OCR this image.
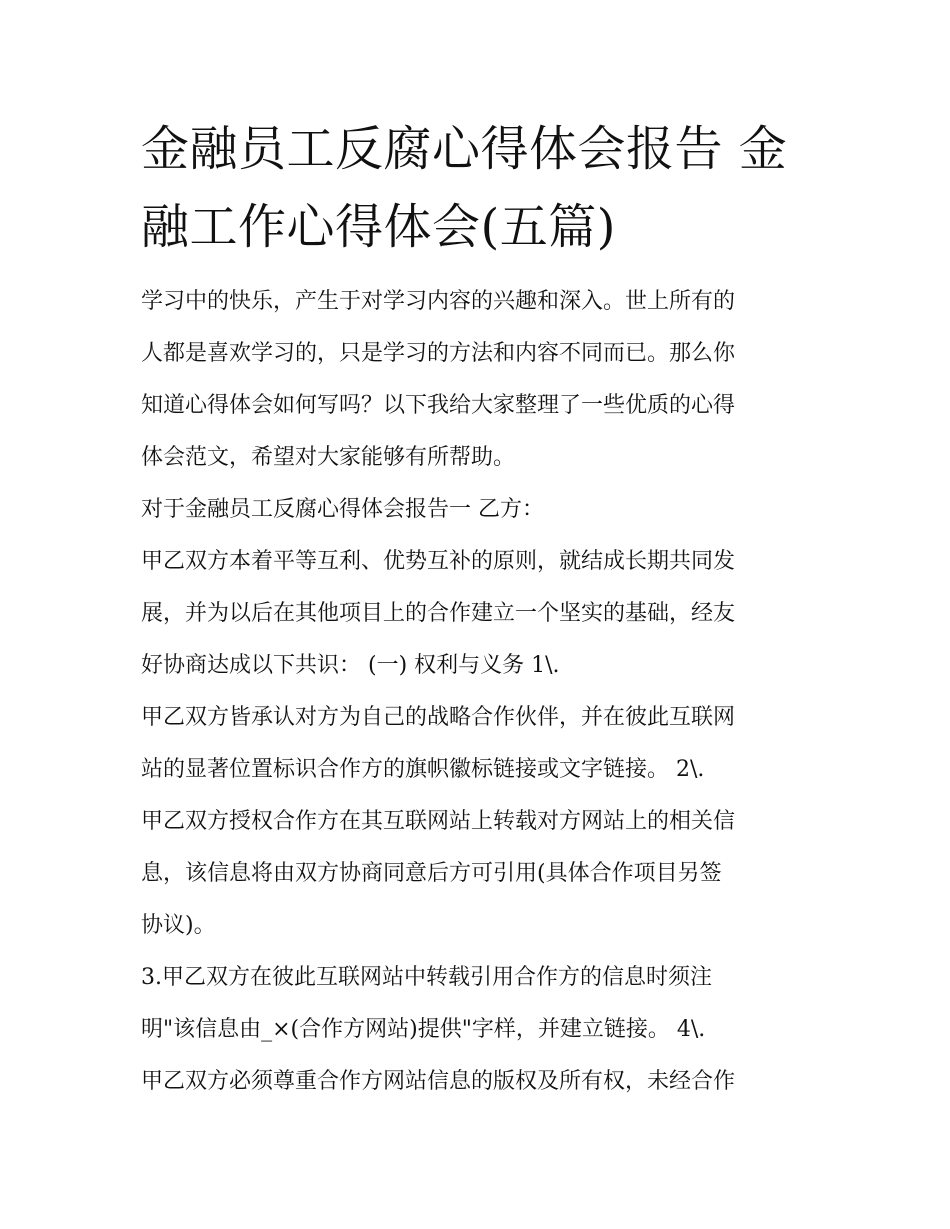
金融员工反腐心得体会报告 金
融工作心得体会(五篇)
学习中的快乐，产生于对学习内容的兴趣和深入。世上所有的
人都是喜欢学习的，只是学习的方法和内容不同而已。那么你
知道心得体会如何写吗？以下我给大家整理了一些优质的心得
体会范文，希望对大家能够有所帮助。
对于金融员工反腐心得体会报告一 乙方：
甲乙双方本着平等互利、优势互补的原则，就结成长期共同发
展，并为以后在其他项目上的合作建立一个坚实的基础，经友
好协商达成以下共识： (一) 权利与义务 1\.
甲乙双方皆承认对方为自己的战略合作伙伴，并在彼此互联网
站的显著位置标识合作方的旗帜徽标链接或文字链接。 2\.
甲乙双方授权合作方在其互联网站上转载对方网站上的相关信
息，该信息将由双方协商同意后方可引用(具体合作项目另签
协议)。
3.甲乙双方在彼此互联网站中转载引用合作方的信息时须注
明"该信息由_×(合作方网站)提供"字样，并建立链接。 4\.
甲乙双方必须尊重合作方网站信息的版权及所有权，未经合作
